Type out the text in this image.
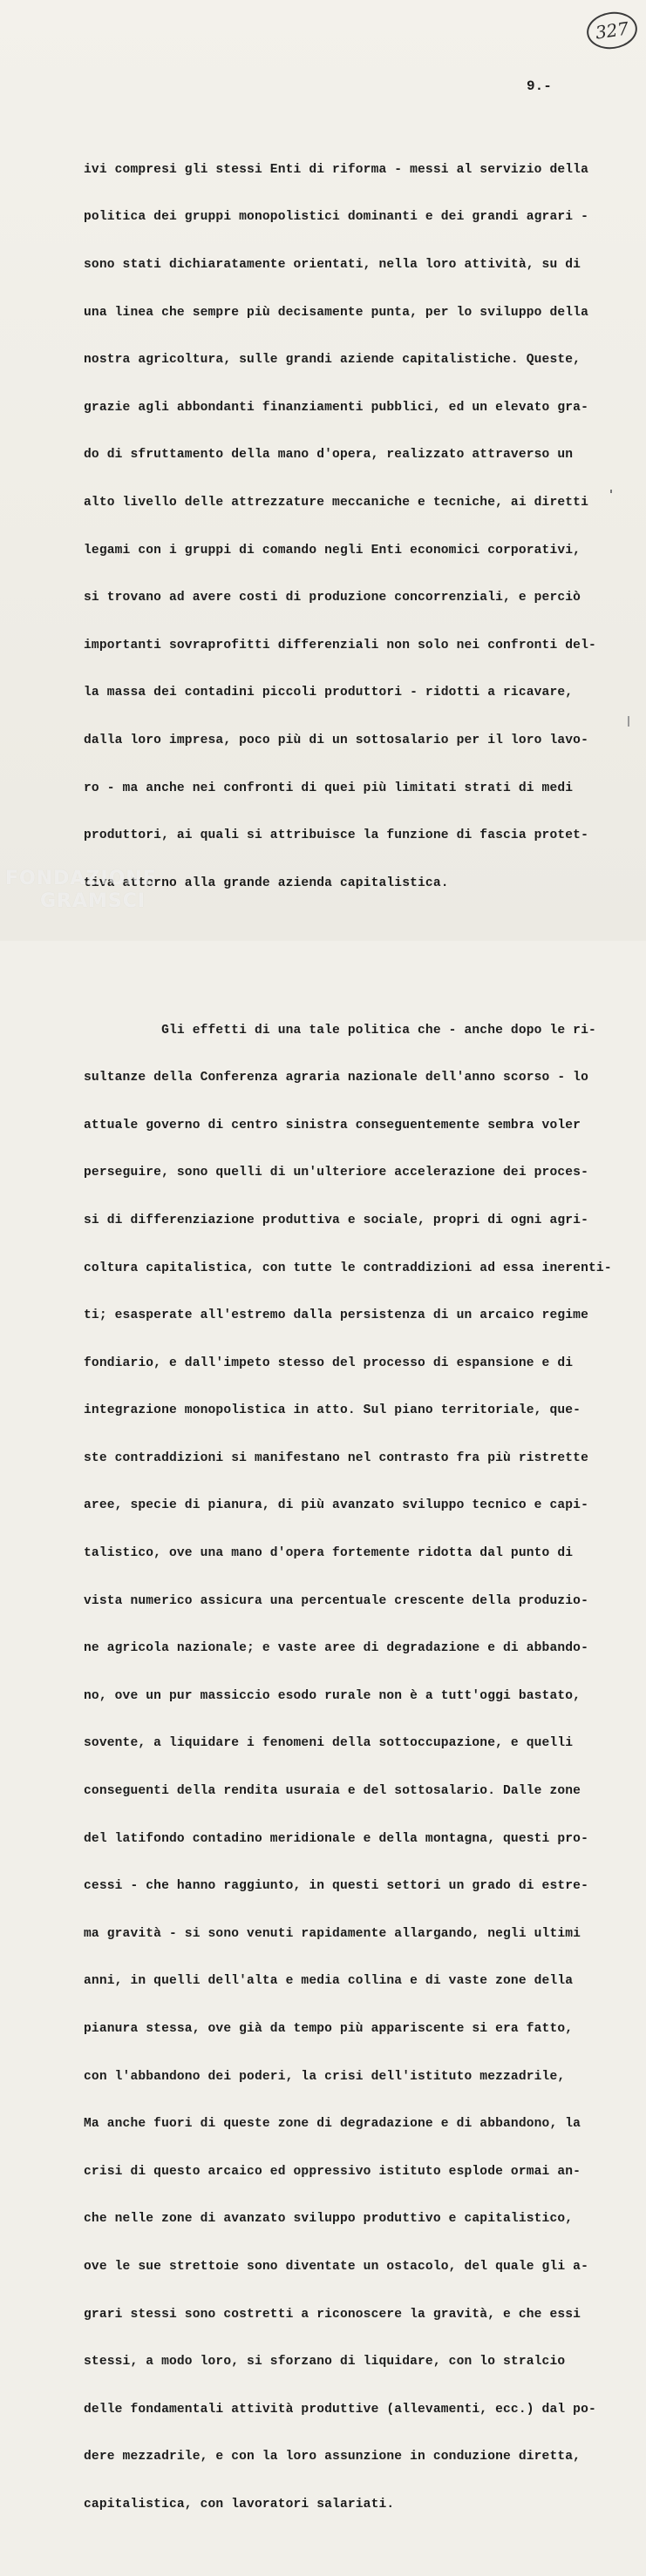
327
9.-

ivi compresi gli stessi Enti di riforma - messi al servizio della

politica dei gruppi monopolistici dominanti e dei grandi agrari -

sono stati dichiaratamente orientati, nella loro attività, su di

una linea che sempre più decisamente punta, per lo sviluppo della

nostra agricoltura, sulle grandi aziende capitalistiche. Queste,

grazie agli abbondanti finanziamenti pubblici, ed un elevato gra-

do di sfruttamento della mano d'opera, realizzato attraverso un

alto livello delle attrezzature meccaniche e tecniche, ai diretti

legami con i gruppi di comando negli Enti economici corporativi,

si trovano ad avere costi di produzione concorrenziali, e perciò

importanti sovraprofitti differenziali non solo nei confronti del-

la massa dei contadini piccoli produttori - ridotti a ricavare,

dalla loro impresa, poco più di un sottosalario per il loro lavo-

ro - ma anche nei confronti di quei più limitati strati di medi

produttori, ai quali si attribuisce la funzione di fascia protet-

tiva attorno alla grande azienda capitalistica.

Gli effetti di una tale politica che - anche dopo le ri-

sultanze della Conferenza agraria nazionale dell'anno scorso - lo

attuale governo di centro sinistra conseguentemente sembra voler

perseguire, sono quelli di un'ulteriore accelerazione dei proces-

si di differenziazione produttiva e sociale, propri di ogni agri-

coltura capitalistica, con tutte le contraddizioni ad essa inerenti-

ti; esasperate all'estremo dalla persistenza di un arcaico regime

fondiario, e dall'impeto stesso del processo di espansione e di

integrazione monopolistica in atto. Sul piano territoriale, que-

ste contraddizioni si manifestano nel contrasto fra più ristrette

aree, specie di pianura, di più avanzato sviluppo tecnico e capi-

talistico, ove una mano d'opera fortemente ridotta dal punto di

vista numerico assicura una percentuale crescente della produzio-

ne agricola nazionale; e vaste aree di degradazione e di abbando-

no, ove un pur massiccio esodo rurale non è a tutt'oggi bastato,

sovente, a liquidare i fenomeni della sottoccupazione, e quelli

conseguenti della rendita usuraia e del sottosalario. Dalle zone

del latifondo contadino meridionale e della montagna, questi pro-

cessi - che hanno raggiunto, in questi settori un grado di estre-

ma gravità - si sono venuti rapidamente allargando, negli ultimi

anni, in quelli dell'alta e media collina e di vaste zone della

pianura stessa, ove già da tempo più appariscente si era fatto,

con l'abbandono dei poderi, la crisi dell'istituto mezzadrile,

Ma anche fuori di queste zone di degradazione e di abbandono, la

crisi di questo arcaico ed oppressivo istituto esplode ormai an-

che nelle zone di avanzato sviluppo produttivo e capitalistico,

ove le sue strettoie sono diventate un ostacolo, del quale gli a-

grari stessi sono costretti a riconoscere la gravità, e che essi

stessi, a modo loro, si sforzano di liquidare, con lo stralcio

delle fondamentali attività produttive (allevamenti, ecc.) dal po-

dere mezzadrile, e con la loro assunzione in conduzione diretta,

capitalistica, con lavoratori salariati.

FONDAZIONE
GRAMSCI
